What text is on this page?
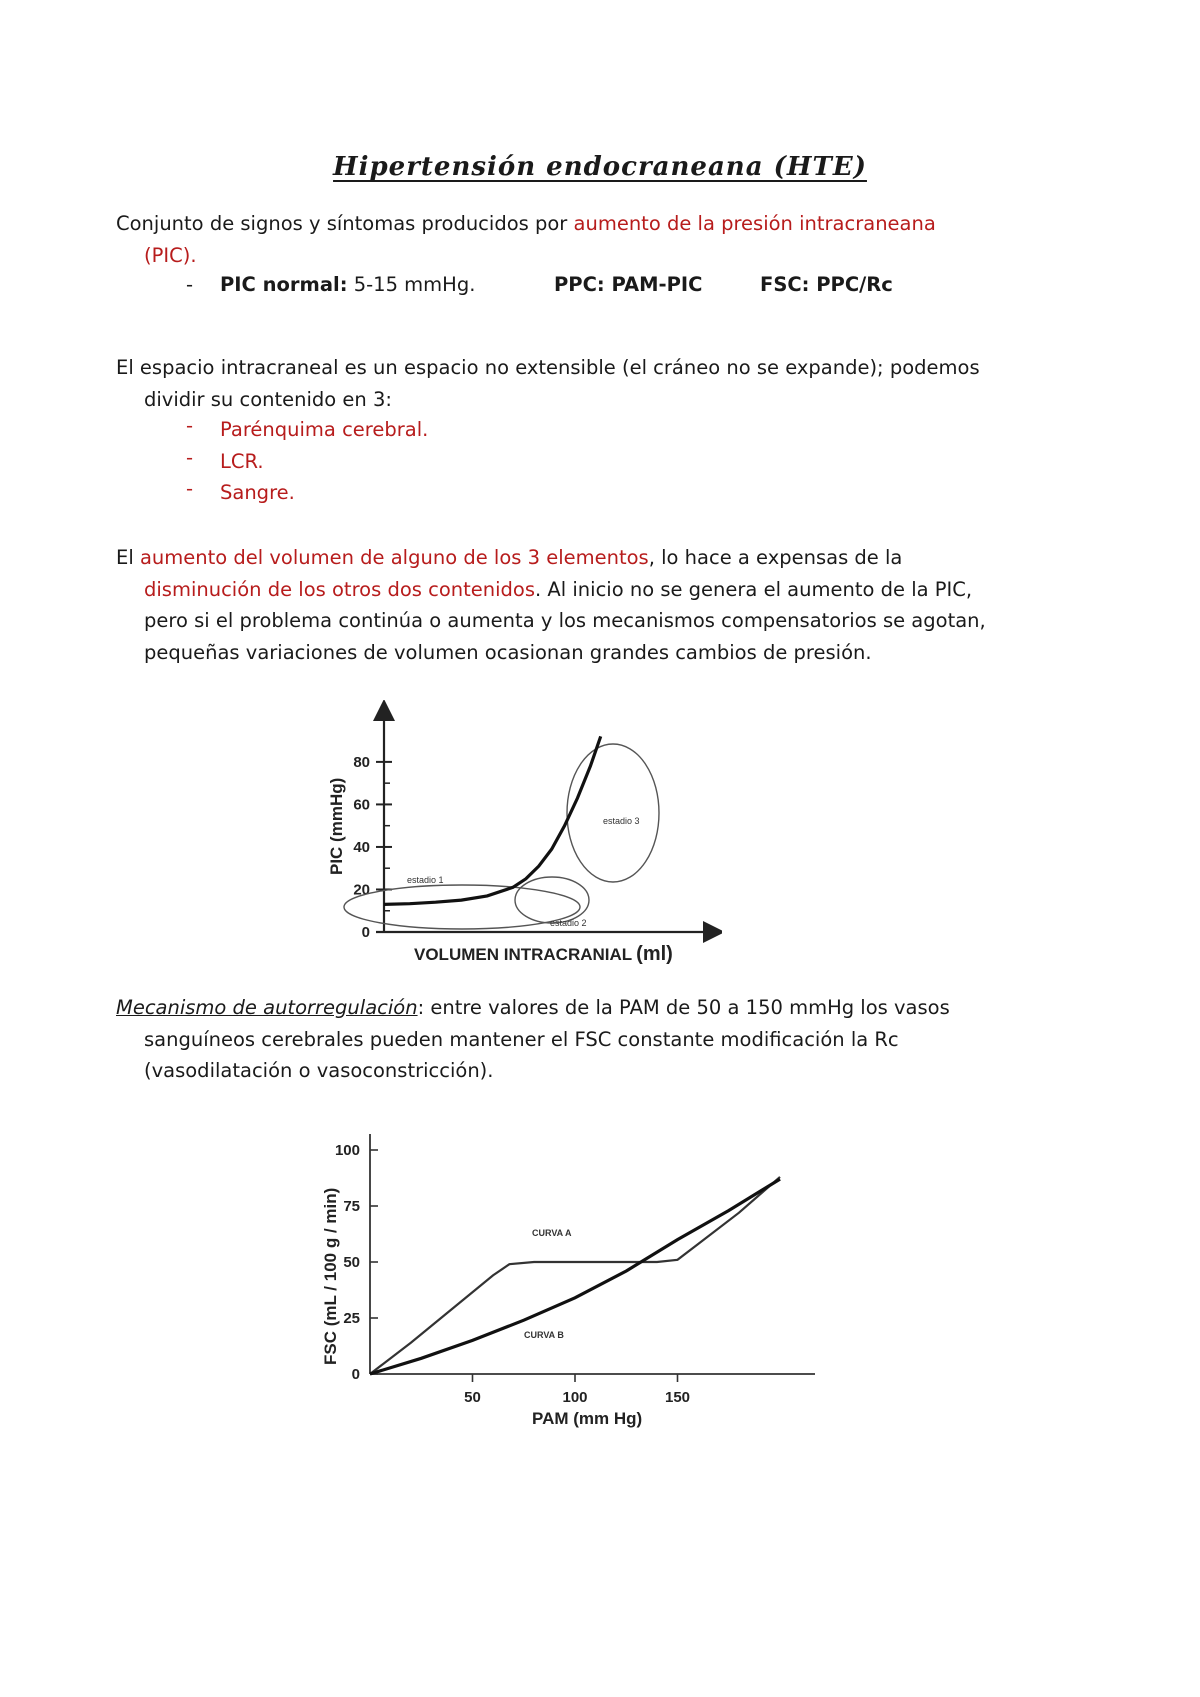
Hipertensión endocraneana (HTE)
Conjunto de signos y síntomas producidos por aumento de la presión intracraneana
(PIC).
- PIC normal: 5-15 mmHg.	PPC: PAM-PIC	FSC: PPC/Rc
El espacio intracraneal es un espacio no extensible (el cráneo no se expande); podemos
dividir su contenido en 3:
- Parénquima cerebral.
- LCR.
- Sangre.
El aumento del volumen de alguno de los 3 elementos, lo hace a expensas de la
disminución de los otros dos contenidos. Al inicio no se genera el aumento de la PIC,
pero si el problema continúa o aumenta y los mecanismos compensatorios se agotan,
pequeñas variaciones de volumen ocasionan grandes cambios de presión.
0
20
40
60
80
estadio 1
estadio 2
estadio 3
PIC (mmHg)
VOLUMEN INTRACRANIAL (ml)
Mecanismo de autorregulación: entre valores de la PAM de 50 a 150 mmHg los vasos
sanguíneos cerebrales pueden mantener el FSC constante modificación la Rc
(vasodilatación o vasoconstricción).
0
25
50
75
100
50	100	150
CURVA A
CURVA B
FSC (mL / 100 g / min)
PAM (mm Hg)
